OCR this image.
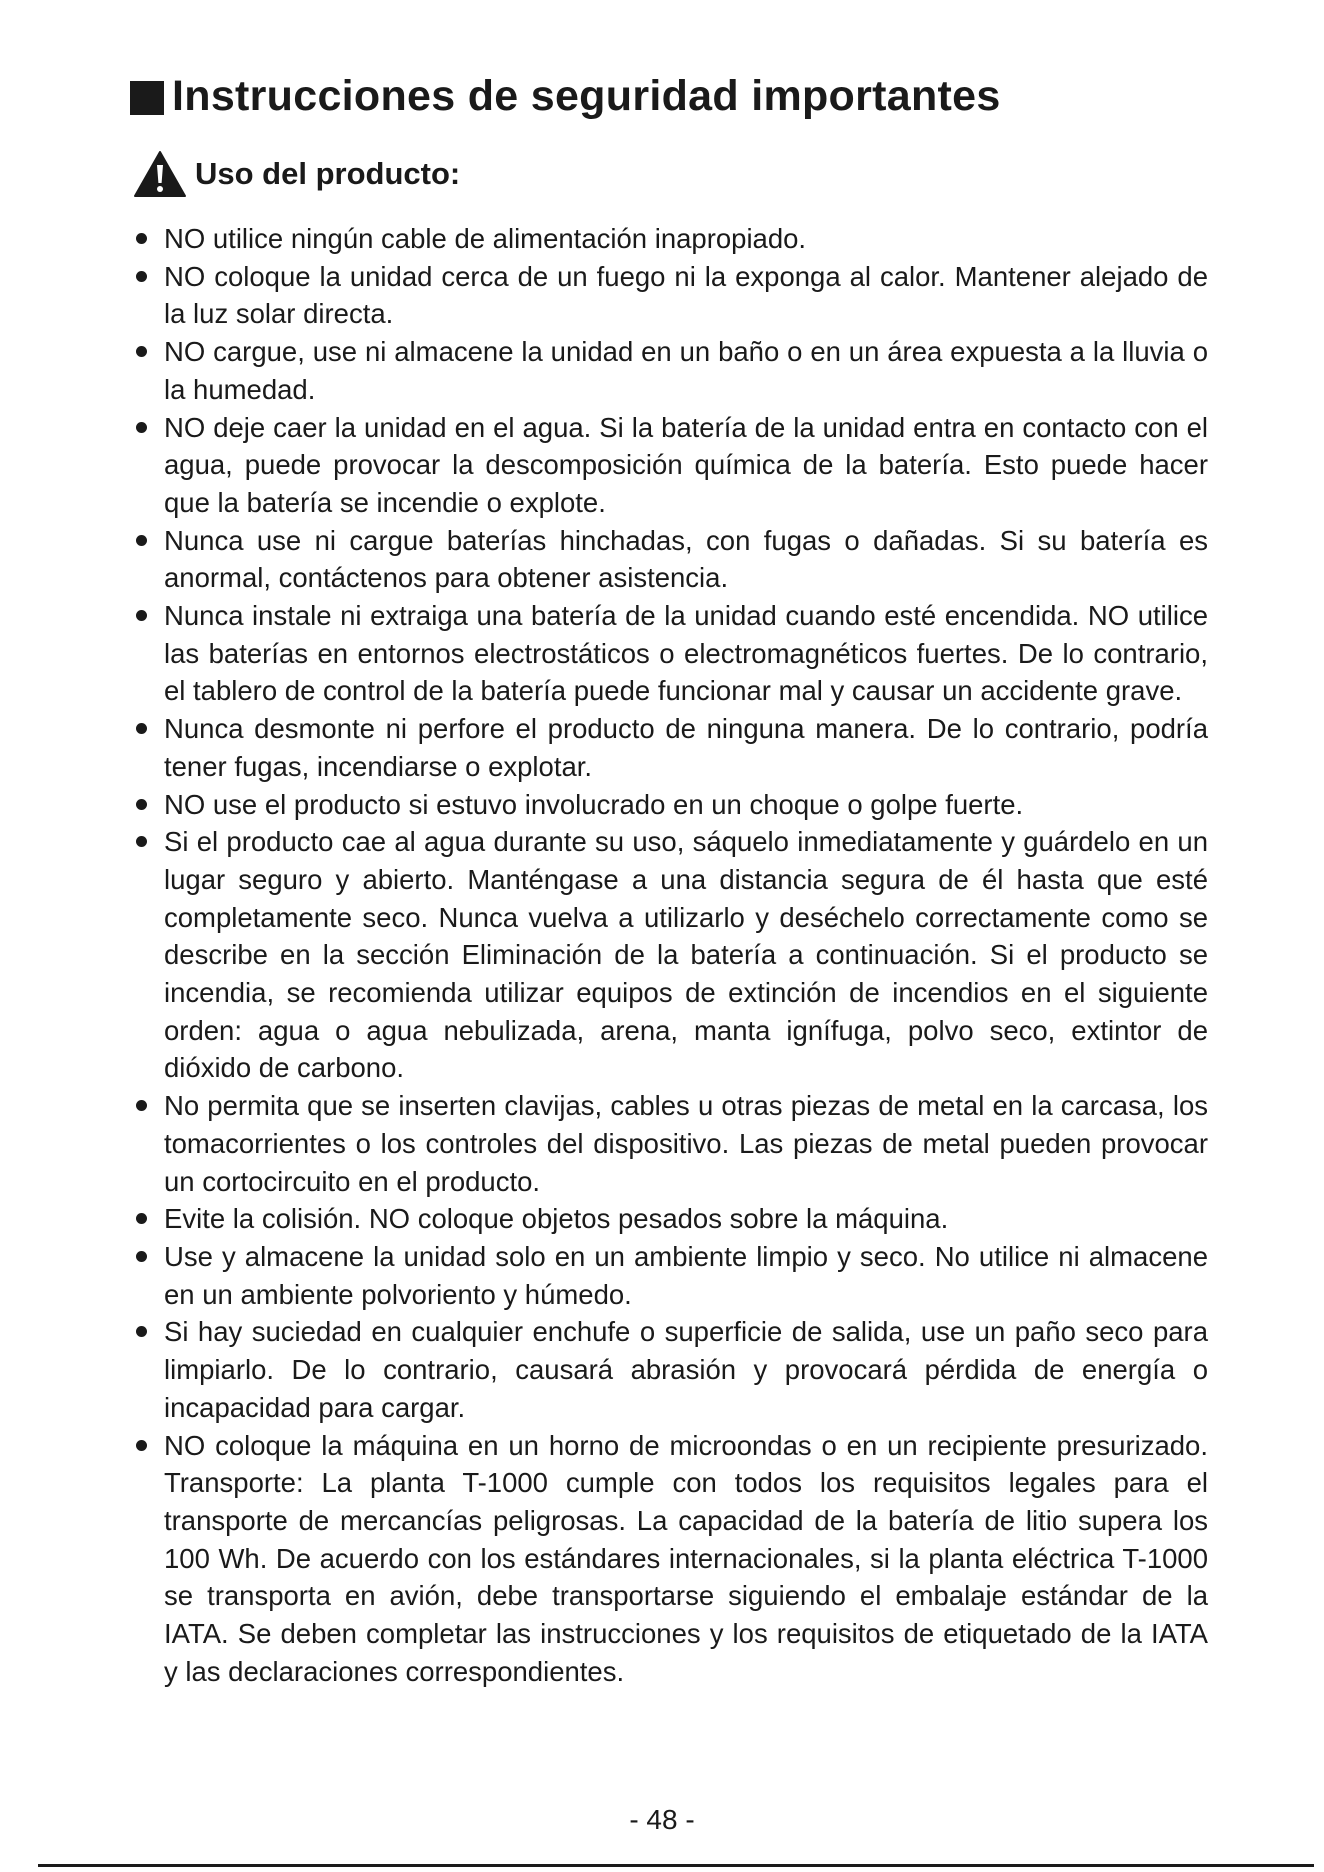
Instrucciones de seguridad importantes
Uso del producto:
NO utilice ningún cable de alimentación inapropiado.
NO coloque la unidad cerca de un fuego ni la exponga al calor. Mantener alejado de la luz solar directa.
NO cargue, use ni almacene la unidad en un baño o en un área expuesta a la lluvia o la humedad.
NO deje caer la unidad en el agua. Si la batería de la unidad entra en contacto con el agua, puede provocar la descomposición química de la batería. Esto puede hacer que la batería se incendie o explote.
Nunca use ni cargue baterías hinchadas, con fugas o dañadas. Si su batería es anormal, contáctenos para obtener asistencia.
Nunca instale ni extraiga una batería de la unidad cuando esté encendida. NO utilice las baterías en entornos electrostáticos o electromagnéticos fuertes. De lo contrario, el tablero de control de la batería puede funcionar mal y causar un accidente grave.
Nunca desmonte ni perfore el producto de ninguna manera. De lo contrario, podría tener fugas, incendiarse o explotar.
NO use el producto si estuvo involucrado en un choque o golpe fuerte.
Si el producto cae al agua durante su uso, sáquelo inmediatamente y guárdelo en un lugar seguro y abierto. Manténgase a una distancia segura de él hasta que esté completamente seco. Nunca vuelva a utilizarlo y deséchelo correctamente como se describe en la sección Eliminación de la batería a continuación. Si el producto se incendia, se recomienda utilizar equipos de extinción de incendios en el siguiente orden: agua o agua nebulizada, arena, manta ignífuga, polvo seco, extintor de dióxido de carbono.
No permita que se inserten clavijas, cables u otras piezas de metal en la carcasa, los tomacorrientes o los controles del dispositivo. Las piezas de metal pueden provocar un cortocircuito en el producto.
Evite la colisión. NO coloque objetos pesados sobre la máquina.
Use y almacene la unidad solo en un ambiente limpio y seco. No utilice ni almacene en un ambiente polvoriento y húmedo.
Si hay suciedad en cualquier enchufe o superficie de salida, use un paño seco para limpiarlo. De lo contrario, causará abrasión y provocará pérdida de energía o incapacidad para cargar.
NO coloque la máquina en un horno de microondas o en un recipiente presurizado. Transporte: La planta T-1000 cumple con todos los requisitos legales para el transporte de mercancías peligrosas. La capacidad de la batería de litio supera los 100 Wh. De acuerdo con los estándares internacionales, si la planta eléctrica T-1000 se transporta en avión, debe transportarse siguiendo el embalaje estándar de la IATA. Se deben completar las instrucciones y los requisitos de etiquetado de la IATA y las declaraciones correspondientes.
- 48 -
